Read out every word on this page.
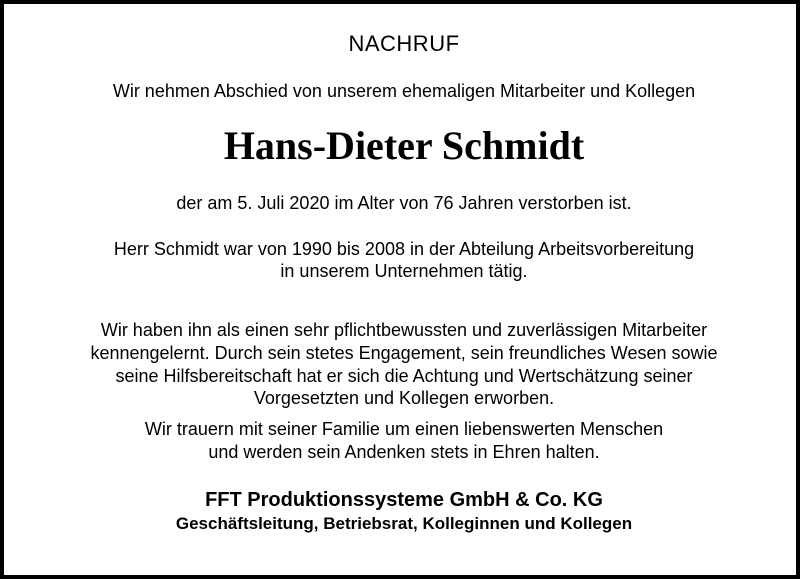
NACHRUF
Wir nehmen Abschied von unserem ehemaligen Mitarbeiter und Kollegen
Hans-Dieter Schmidt
der am 5. Juli 2020 im Alter von 76 Jahren verstorben ist.
Herr Schmidt war von 1990 bis 2008 in der Abteilung Arbeitsvorbereitung
in unserem Unternehmen tätig.
Wir haben ihn als einen sehr pflichtbewussten und zuverlässigen Mitarbeiter
kennengelernt. Durch sein stetes Engagement, sein freundliches Wesen sowie
seine Hilfsbereitschaft hat er sich die Achtung und Wertschätzung seiner
Vorgesetzten und Kollegen erworben.
Wir trauern mit seiner Familie um einen liebenswerten Menschen
und werden sein Andenken stets in Ehren halten.
FFT Produktionssysteme GmbH & Co. KG
Geschäftsleitung, Betriebsrat, Kolleginnen und Kollegen
